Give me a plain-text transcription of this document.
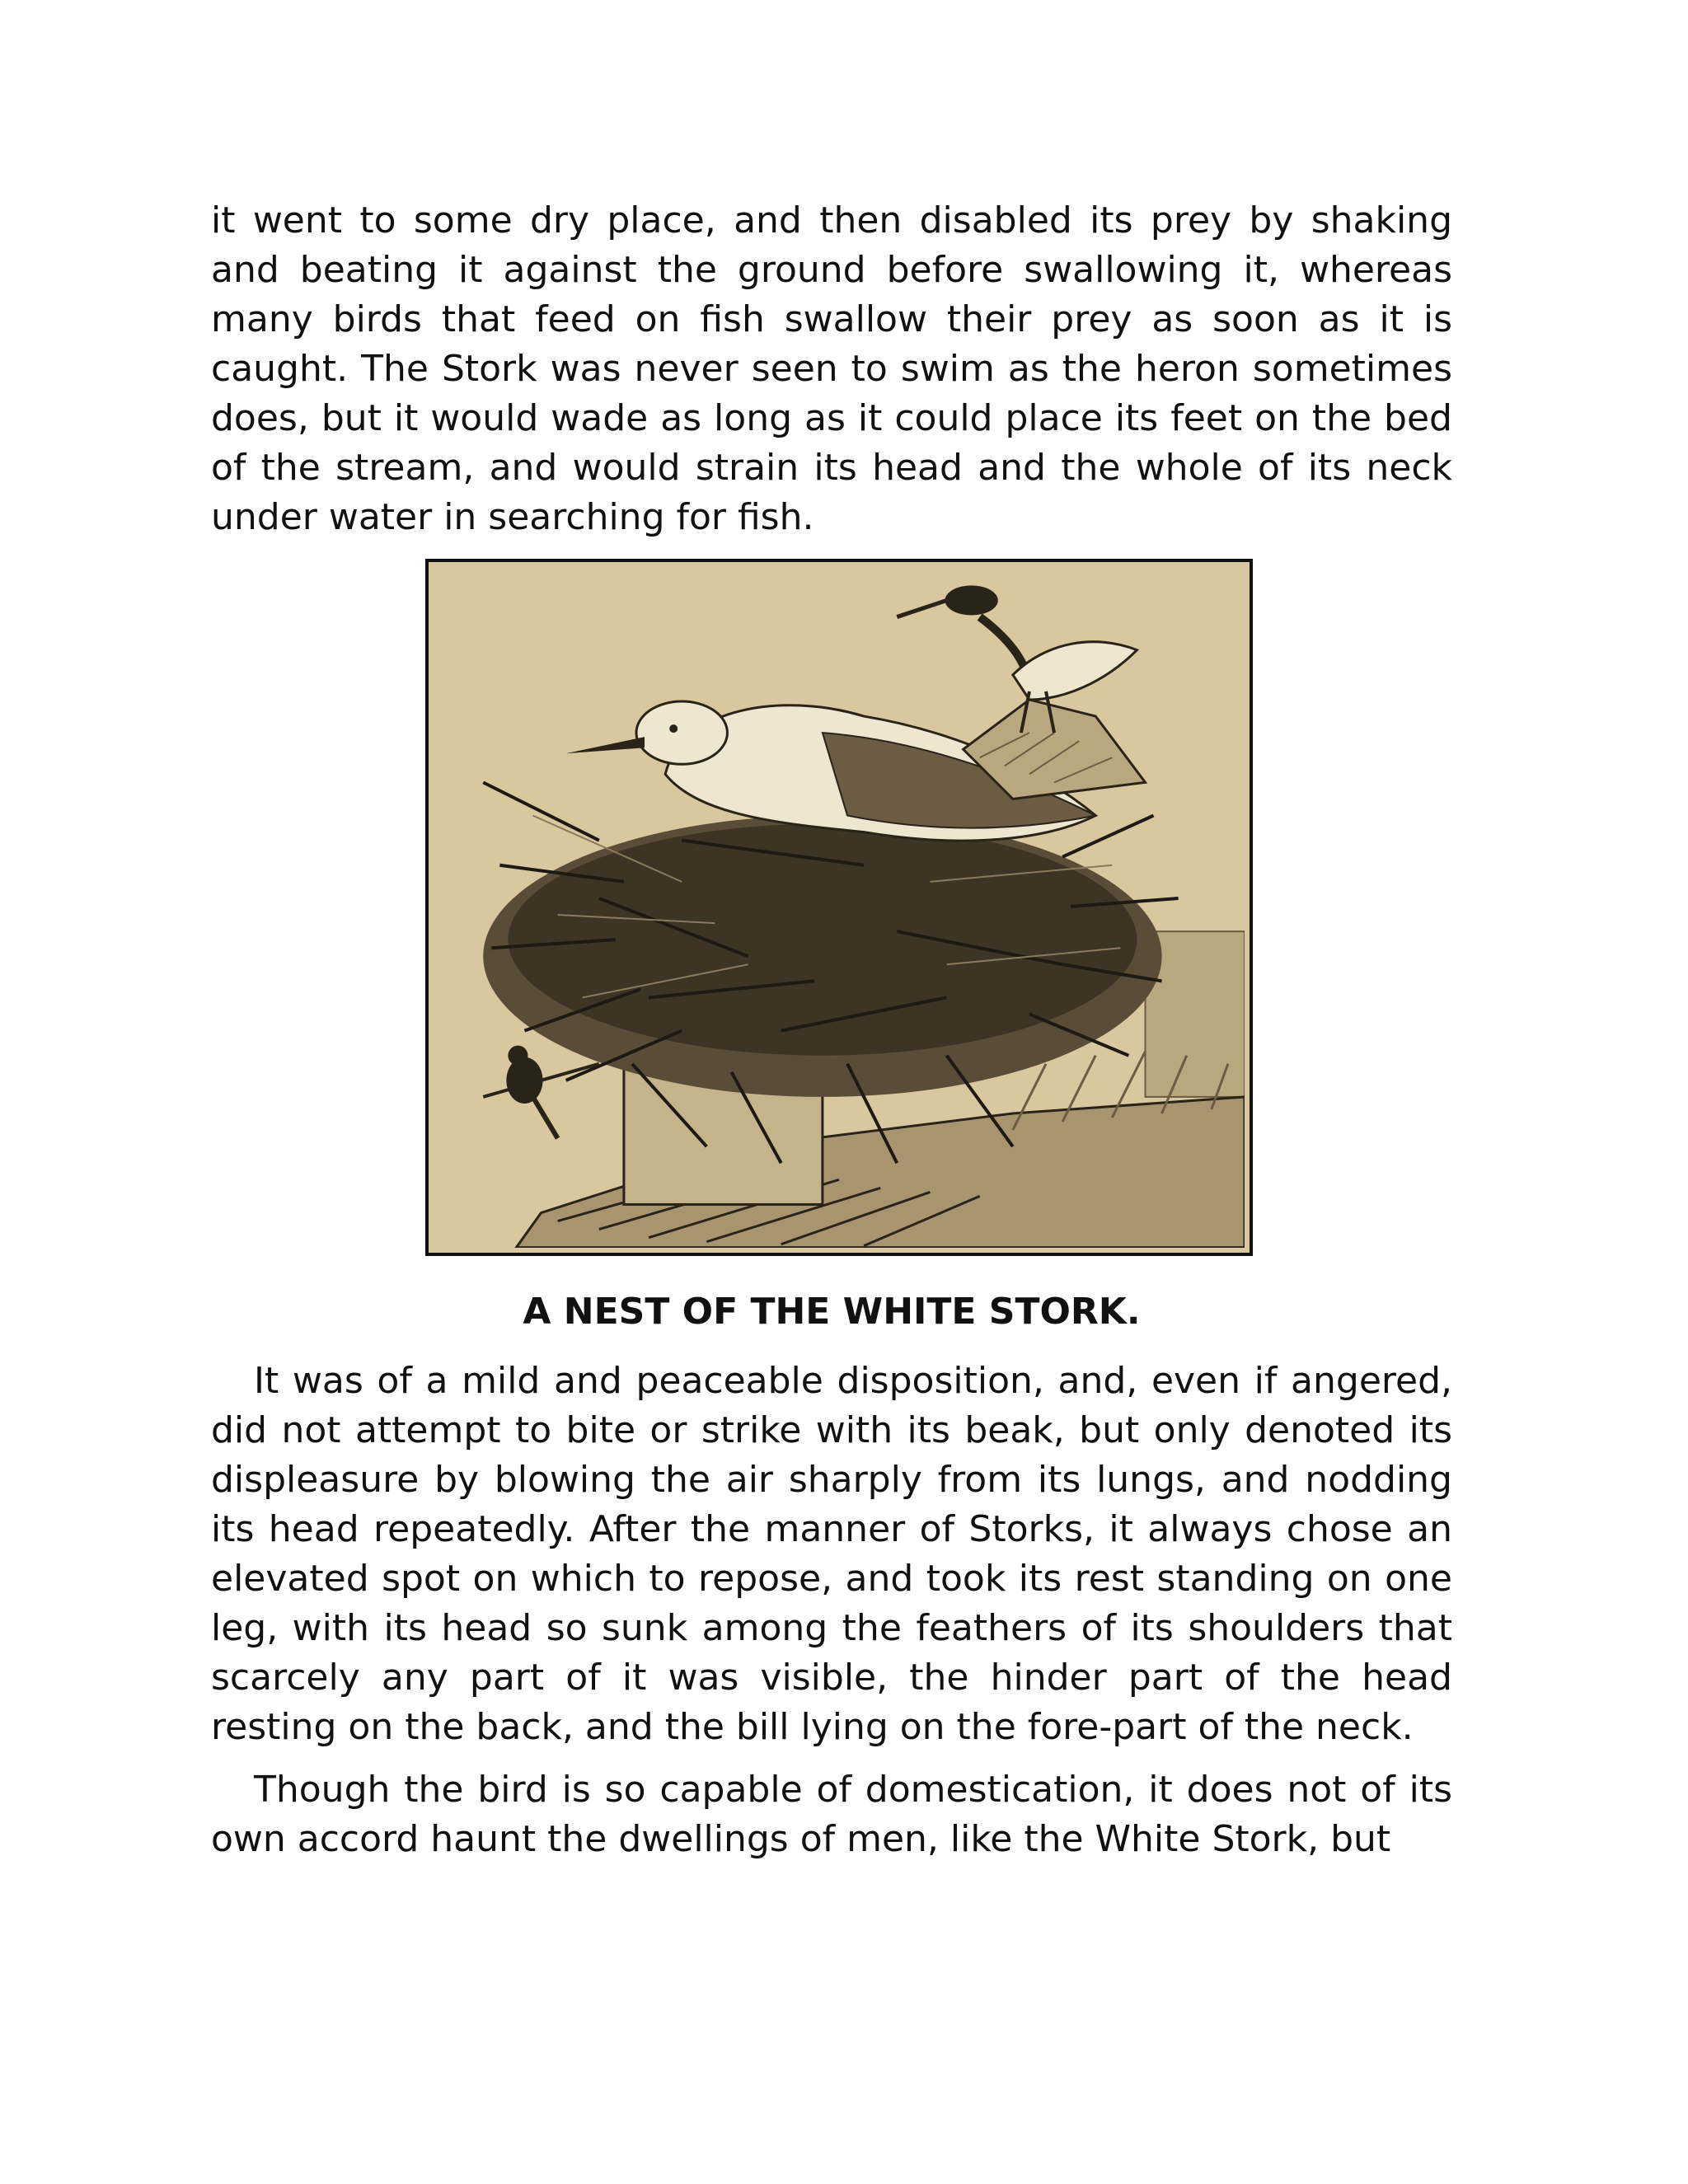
it went to some dry place, and then disabled its prey by shaking and beating it against the ground before swallowing it, whereas many birds that feed on fish swallow their prey as soon as it is caught. The Stork was never seen to swim as the heron sometimes does, but it would wade as long as it could place its feet on the bed of the stream, and would strain its head and the whole of its neck under water in searching for fish.

A NEST OF THE WHITE STORK.

It was of a mild and peaceable disposition, and, even if angered, did not attempt to bite or strike with its beak, but only denoted its displeasure by blowing the air sharply from its lungs, and nodding its head repeatedly. After the manner of Storks, it always chose an elevated spot on which to repose, and took its rest standing on one leg, with its head so sunk among the feathers of its shoulders that scarcely any part of it was visible, the hinder part of the head resting on the back, and the bill lying on the fore-part of the neck.

Though the bird is so capable of domestication, it does not of its own accord haunt the dwellings of men, like the White Stork, but
